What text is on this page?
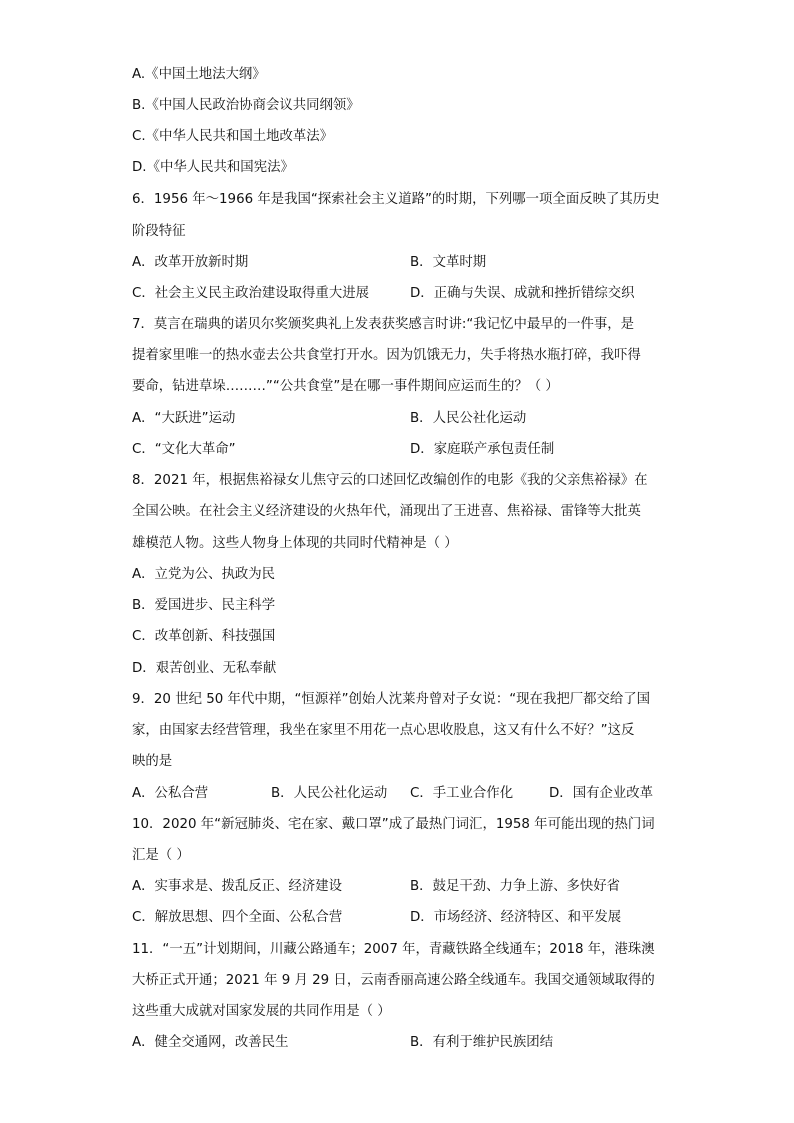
A.《中国土地法大纲》
B.《中国人民政治协商会议共同纲领》
C.《中华人民共和国土地改革法》
D.《中华人民共和国宪法》
6．1956 年～1966 年是我国“探索社会主义道路”的时期，下列哪一项全面反映了其历史
阶段特征
A．改革开放新时期	B．文革时期
C．社会主义民主政治建设取得重大进展	D．正确与失误、成就和挫折错综交织
7．莫言在瑞典的诺贝尔奖颁奖典礼上发表获奖感言时讲:“我记忆中最早的一件事，是
提着家里唯一的热水壶去公共食堂打开水。因为饥饿无力，失手将热水瓶打碎，我吓得
要命，钻进草垛………”“公共食堂”是在哪一事件期间应运而生的？（ ）
A．“大跃进”运动	B．人民公社化运动
C．“文化大革命”	D．家庭联产承包责任制
8．2021 年，根据焦裕禄女儿焦守云的口述回忆改编创作的电影《我的父亲焦裕禄》在
全国公映。在社会主义经济建设的火热年代，涌现出了王进喜、焦裕禄、雷锋等大批英
雄模范人物。这些人物身上体现的共同时代精神是（ ）
A．立党为公、执政为民
B．爱国进步、民主科学
C．改革创新、科技强国
D．艰苦创业、无私奉献
9．20 世纪 50 年代中期，“恒源祥”创始人沈莱舟曾对子女说：“现在我把厂都交给了国
家，由国家去经营管理，我坐在家里不用花一点心思收股息，这又有什么不好？”这反
映的是
A．公私合营	B．人民公社化运动 C．手工业合作化	D．国有企业改革
10．2020 年“新冠肺炎、宅在家、戴口罩”成了最热门词汇，1958 年可能出现的热门词
汇是（ ）
A．实事求是、拨乱反正、经济建设	B．鼓足干劲、力争上游、多快好省
C．解放思想、四个全面、公私合营	D．市场经济、经济特区、和平发展
11．“一五”计划期间，川藏公路通车；2007 年，青藏铁路全线通车；2018 年，港珠澳
大桥正式开通；2021 年 9 月 29 日，云南香丽高速公路全线通车。我国交通领域取得的
这些重大成就对国家发展的共同作用是（ ）
A．健全交通网，改善民生	B．有利于维护民族团结
